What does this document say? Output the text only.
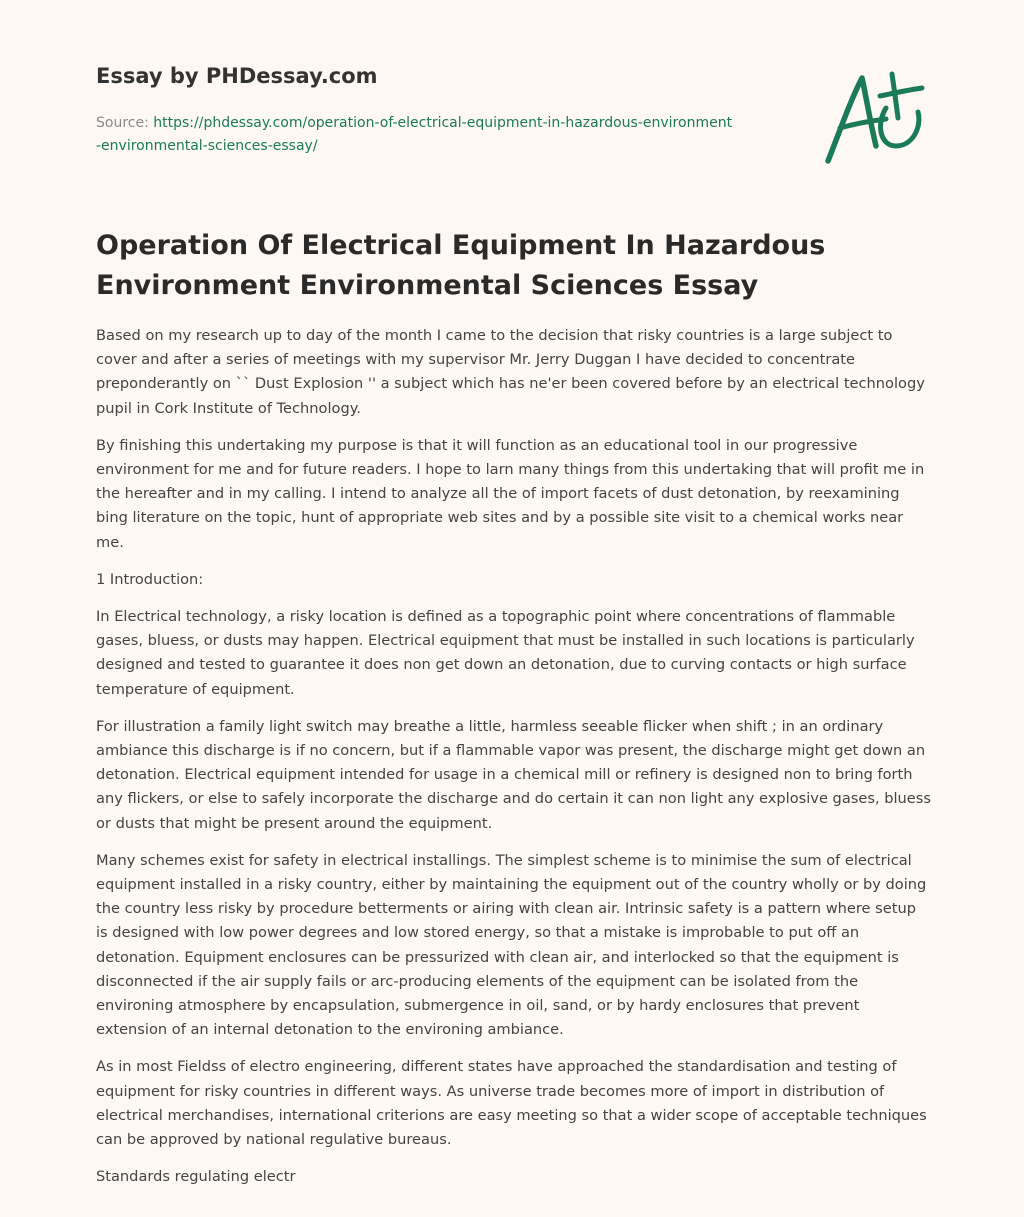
Essay by PHDessay.com

Source: https://phdessay.com/operation-of-electrical-equipment-in-hazardous-environment-environmental-sciences-essay/

Operation Of Electrical Equipment In Hazardous Environment Environmental Sciences Essay

Based on my research up to day of the month I came to the decision that risky countries is a large subject to cover and after a series of meetings with my supervisor Mr. Jerry Duggan I have decided to concentrate preponderantly on `` Dust Explosion '' a subject which has ne'er been covered before by an electrical technology pupil in Cork Institute of Technology.

By finishing this undertaking my purpose is that it will function as an educational tool in our progressive environment for me and for future readers. I hope to larn many things from this undertaking that will profit me in the hereafter and in my calling. I intend to analyze all the of import facets of dust detonation, by reexamining bing literature on the topic, hunt of appropriate web sites and by a possible site visit to a chemical works near me.

1 Introduction:

In Electrical technology, a risky location is defined as a topographic point where concentrations of flammable gases, bluess, or dusts may happen. Electrical equipment that must be installed in such locations is particularly designed and tested to guarantee it does non get down an detonation, due to curving contacts or high surface temperature of equipment.

For illustration a family light switch may breathe a little, harmless seeable flicker when shift ; in an ordinary ambiance this discharge is if no concern, but if a flammable vapor was present, the discharge might get down an detonation. Electrical equipment intended for usage in a chemical mill or refinery is designed non to bring forth any flickers, or else to safely incorporate the discharge and do certain it can non light any explosive gases, bluess or dusts that might be present around the equipment.

Many schemes exist for safety in electrical installings. The simplest scheme is to minimise the sum of electrical equipment installed in a risky country, either by maintaining the equipment out of the country wholly or by doing the country less risky by procedure betterments or airing with clean air. Intrinsic safety is a pattern where setup is designed with low power degrees and low stored energy, so that a mistake is improbable to put off an detonation. Equipment enclosures can be pressurized with clean air, and interlocked so that the equipment is disconnected if the air supply fails or arc-producing elements of the equipment can be isolated from the environing atmosphere by encapsulation, submergence in oil, sand, or by hardy enclosures that prevent extension of an internal detonation to the environing ambiance.

As in most Fieldss of electro engineering, different states have approached the standardisation and testing of equipment for risky countries in different ways. As universe trade becomes more of import in distribution of electrical merchandises, international criterions are easy meeting so that a wider scope of acceptable techniques can be approved by national regulative bureaus.

Standards regulating electr
